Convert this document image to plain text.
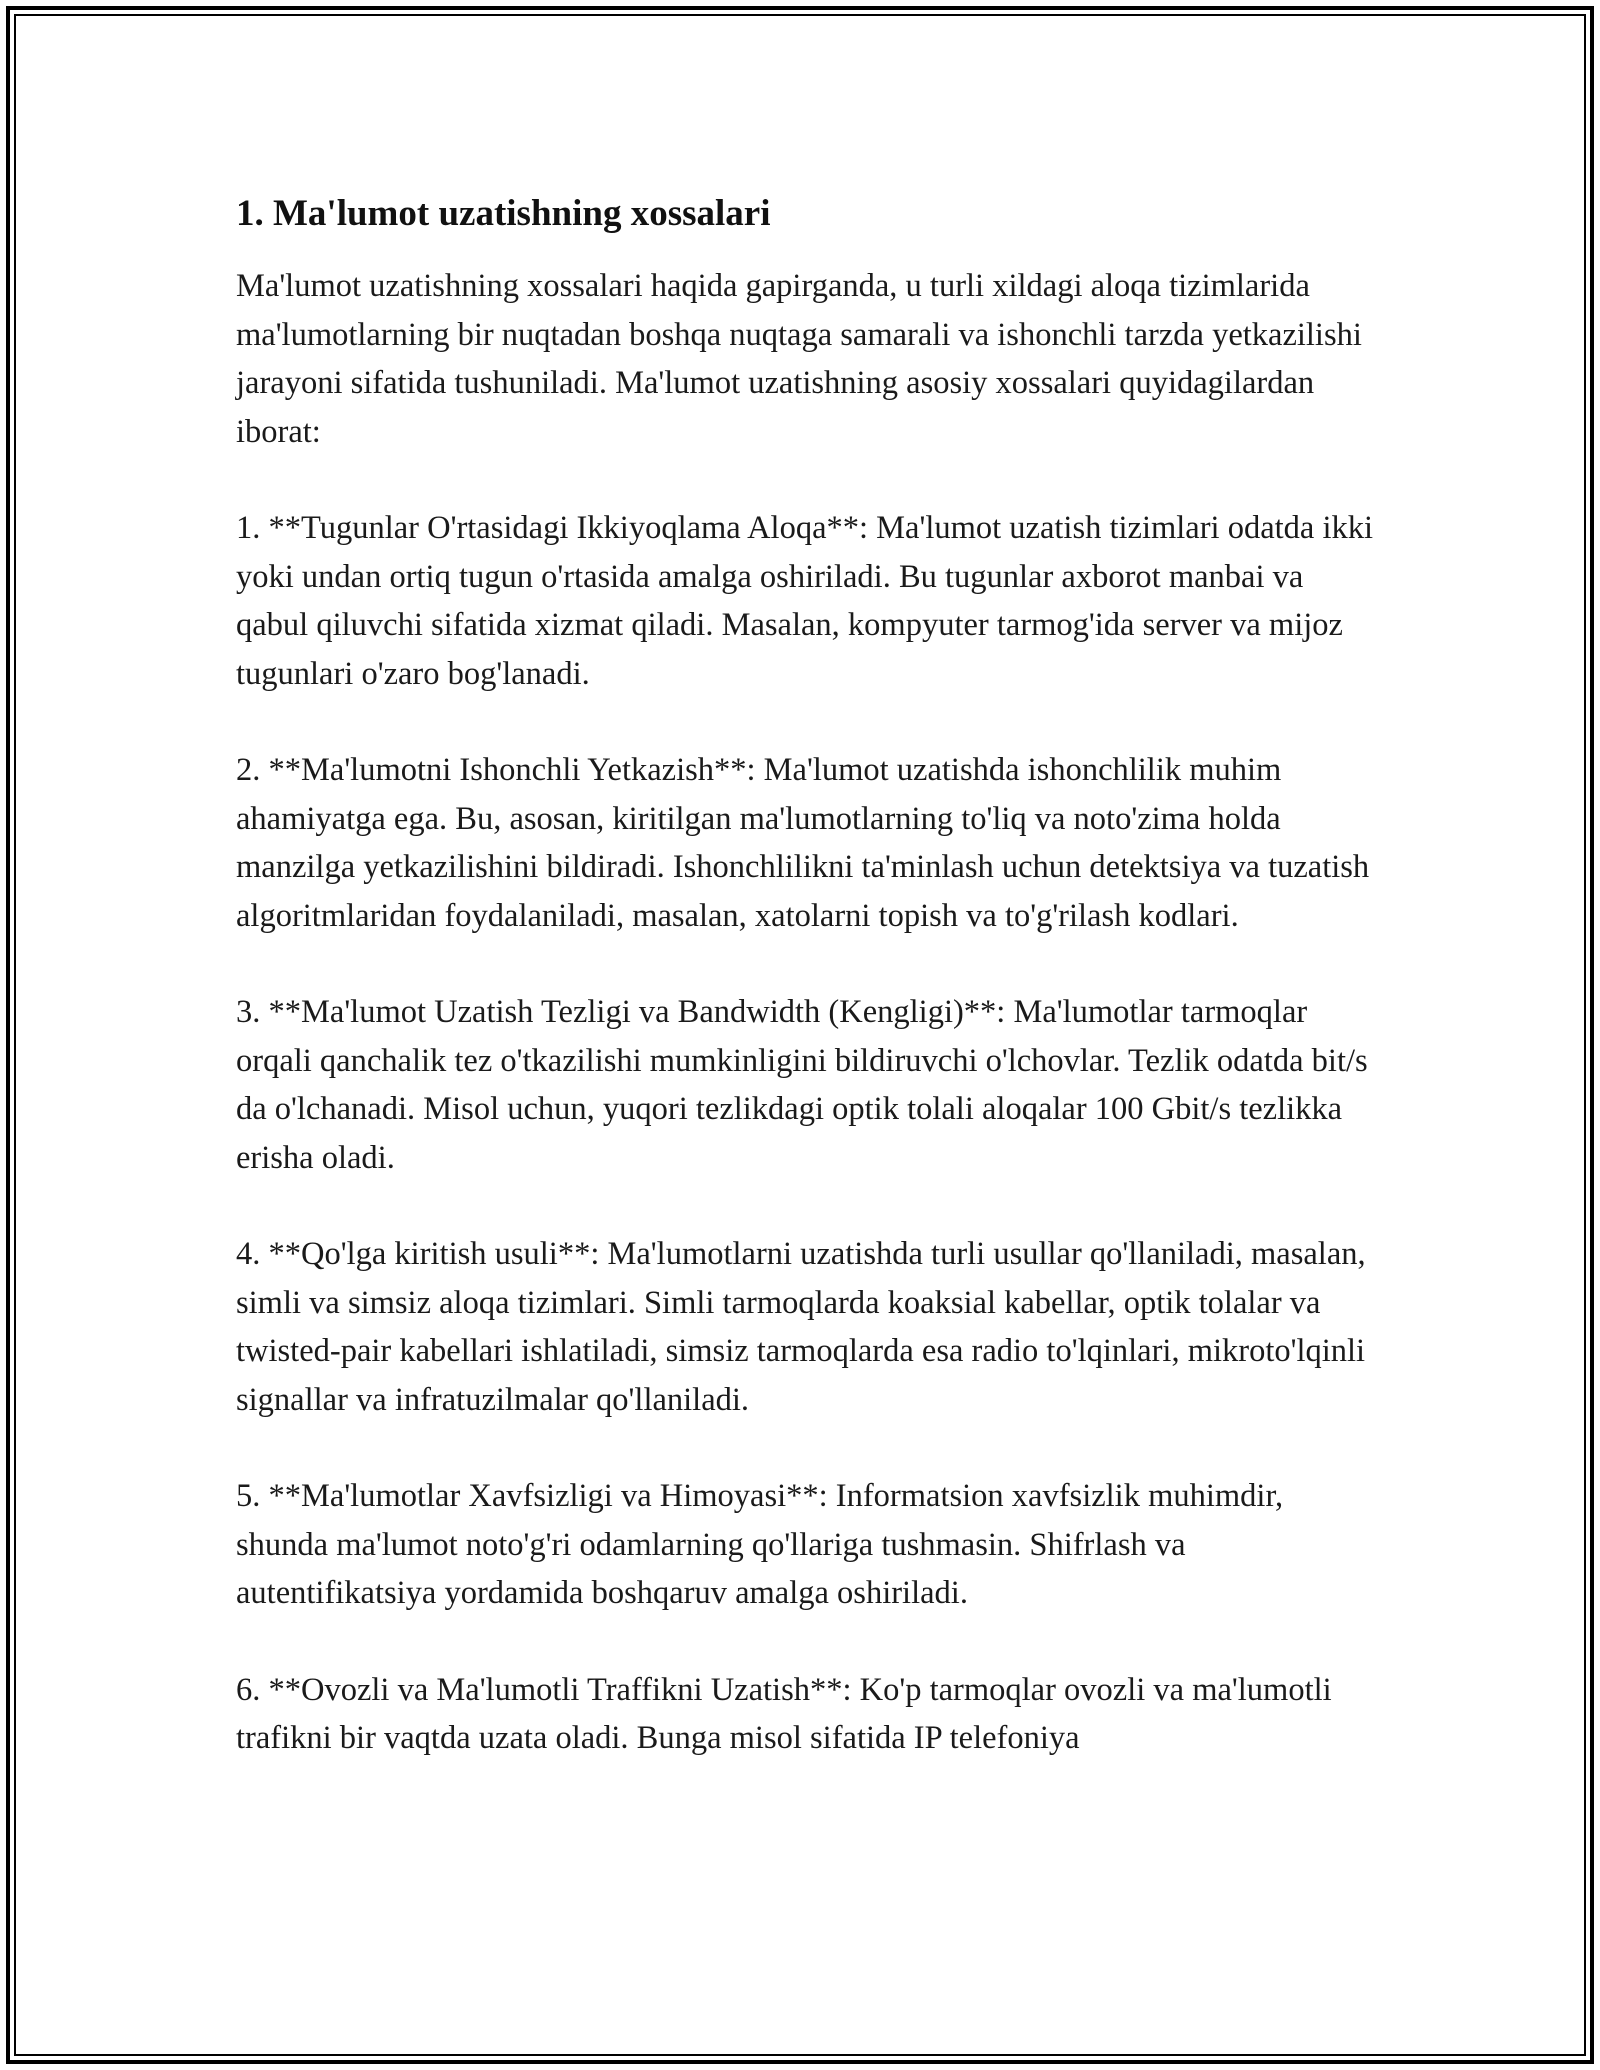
1. Ma'lumot uzatishning xossalari

Ma'lumot uzatishning xossalari haqida gapirganda, u turli xildagi aloqa tizimlarida ma'lumotlarning bir nuqtadan boshqa nuqtaga samarali va ishonchli tarzda yetkazilishi jarayoni sifatida tushuniladi. Ma'lumot uzatishning asosiy xossalari quyidagilardan iborat:

1. **Tugunlar O'rtasidagi Ikkiyoqlama Aloqa**: Ma'lumot uzatish tizimlari odatda ikki yoki undan ortiq tugun o'rtasida amalga oshiriladi. Bu tugunlar axborot manbai va qabul qiluvchi sifatida xizmat qiladi. Masalan, kompyuter tarmog'ida server va mijoz tugunlari o'zaro bog'lanadi.

2. **Ma'lumotni Ishonchli Yetkazish**: Ma'lumot uzatishda ishonchlilik muhim ahamiyatga ega. Bu, asosan, kiritilgan ma'lumotlarning to'liq va noto'zima holda manzilga yetkazilishini bildiradi. Ishonchlilikni ta'minlash uchun detektsiya va tuzatish algoritmlaridan foydalaniladi, masalan, xatolarni topish va to'g'rilash kodlari.

3. **Ma'lumot Uzatish Tezligi va Bandwidth (Kengligi)**: Ma'lumotlar tarmoqlar orqali qanchalik tez o'tkazilishi mumkinligini bildiruvchi o'lchovlar. Tezlik odatda bit/s da o'lchanadi. Misol uchun, yuqori tezlikdagi optik tolali aloqalar 100 Gbit/s tezlikka erisha oladi.

4. **Qo'lga kiritish usuli**: Ma'lumotlarni uzatishda turli usullar qo'llaniladi, masalan, simli va simsiz aloqa tizimlari. Simli tarmoqlarda koaksial kabellar, optik tolalar va twisted-pair kabellari ishlatiladi, simsiz tarmoqlarda esa radio to'lqinlari, mikroto'lqinli signallar va infratuzilmalar qo'llaniladi.

5. **Ma'lumotlar Xavfsizligi va Himoyasi**: Informatsion xavfsizlik muhimdir, shunda ma'lumot noto'g'ri odamlarning qo'llariga tushmasin. Shifrlash va autentifikatsiya yordamida boshqaruv amalga oshiriladi.

6. **Ovozli va Ma'lumotli Traffikni Uzatish**: Ko'p tarmoqlar ovozli va ma'lumotli trafikni bir vaqtda uzata oladi. Bunga misol sifatida IP telefoniya
